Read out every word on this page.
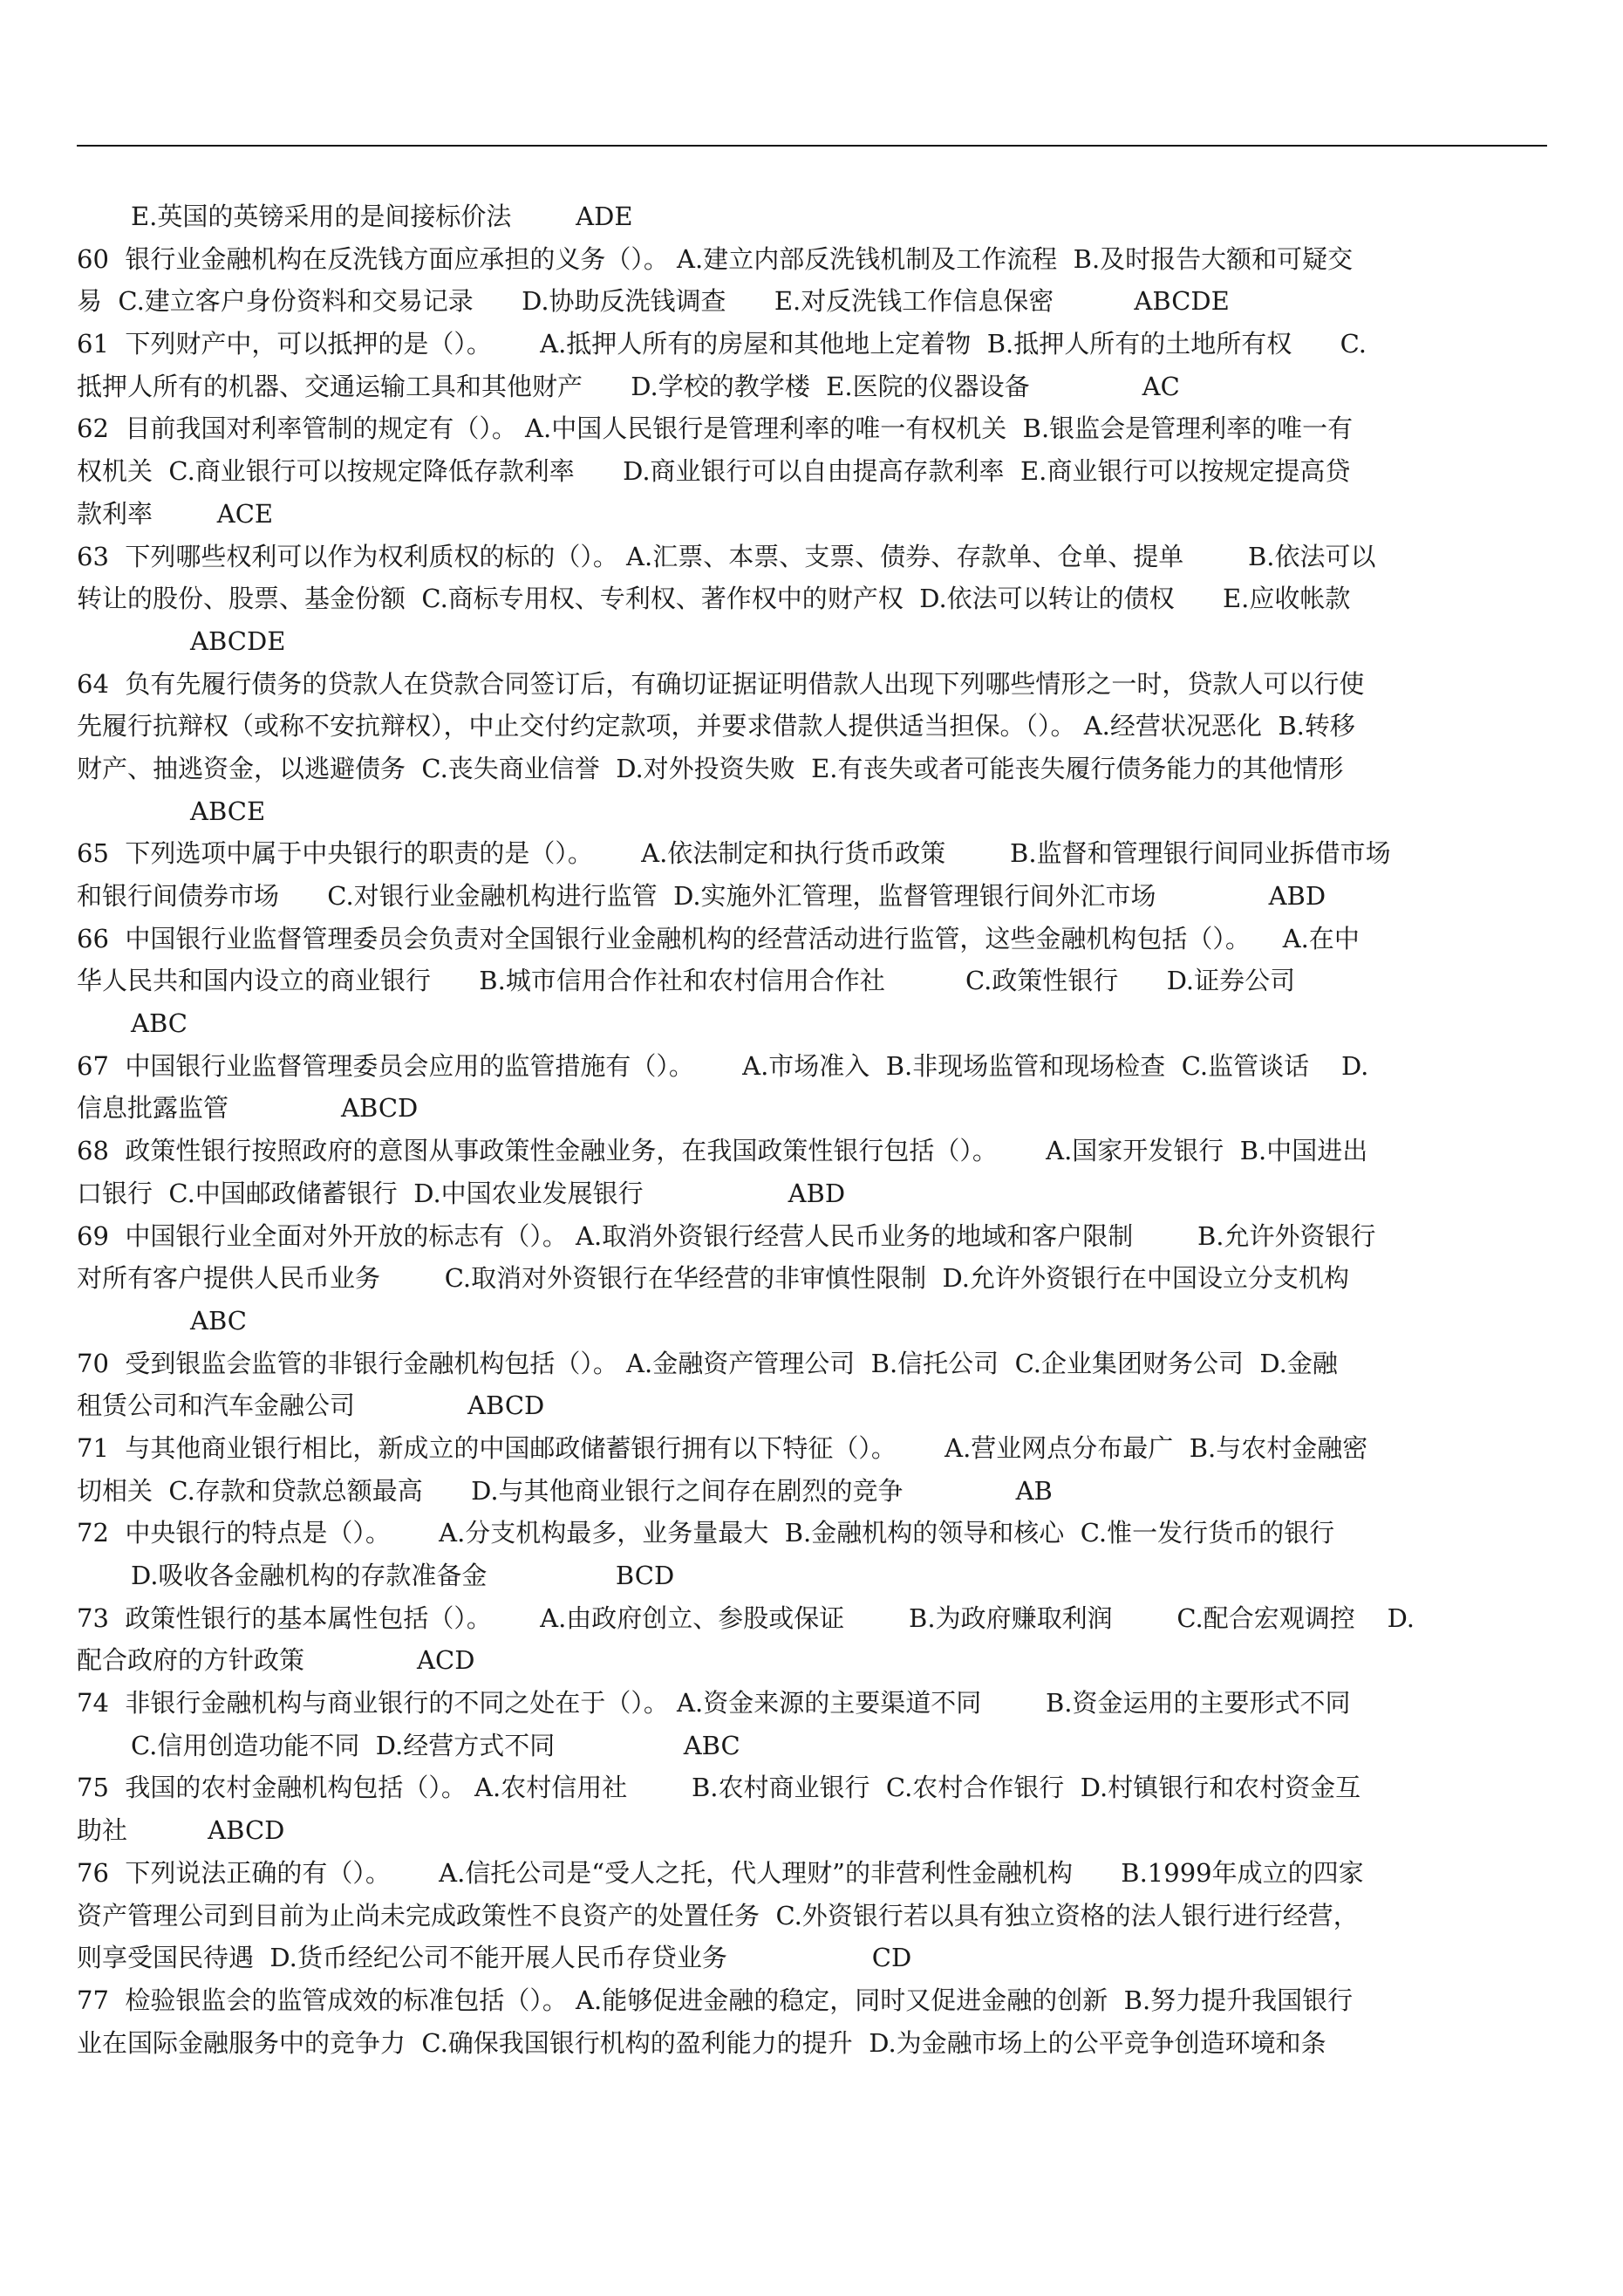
E.英国的英镑采用的是间接标价法        ADE
60  银行业金融机构在反洗钱方面应承担的义务（）。 A.建立内部反洗钱机制及工作流程  B.及时报告大额和可疑交
易  C.建立客户身份资料和交易记录      D.协助反洗钱调查      E.对反洗钱工作信息保密          ABCDE
61  下列财产中，可以抵押的是（）。      A.抵押人所有的房屋和其他地上定着物  B.抵押人所有的土地所有权      C.
抵押人所有的机器、交通运输工具和其他财产      D.学校的教学楼  E.医院的仪器设备              AC
62  目前我国对利率管制的规定有（）。 A.中国人民银行是管理利率的唯一有权机关  B.银监会是管理利率的唯一有
权机关  C.商业银行可以按规定降低存款利率      D.商业银行可以自由提高存款利率  E.商业银行可以按规定提高贷
款利率        ACE
63  下列哪些权利可以作为权利质权的标的（）。 A.汇票、本票、支票、债券、存款单、仓单、提单        B.依法可以
转让的股份、股票、基金份额  C.商标专用权、专利权、著作权中的财产权  D.依法可以转让的债权      E.应收帐款
ABCDE
64  负有先履行债务的贷款人在贷款合同签订后，有确切证据证明借款人出现下列哪些情形之一时，贷款人可以行使
先履行抗辩权（或称不安抗辩权），中止交付约定款项，并要求借款人提供适当担保。（）。 A.经营状况恶化  B.转移
财产、抽逃资金，以逃避债务  C.丧失商业信誉  D.对外投资失败  E.有丧失或者可能丧失履行债务能力的其他情形
ABCE
65  下列选项中属于中央银行的职责的是（）。      A.依法制定和执行货币政策        B.监督和管理银行间同业拆借市场
和银行间债券市场      C.对银行业金融机构进行监管  D.实施外汇管理，监督管理银行间外汇市场              ABD
66  中国银行业监督管理委员会负责对全国银行业金融机构的经营活动进行监管，这些金融机构包括（）。    A.在中
华人民共和国内设立的商业银行      B.城市信用合作社和农村信用合作社          C.政策性银行      D.证券公司
ABC
67  中国银行业监督管理委员会应用的监管措施有（）。      A.市场准入  B.非现场监管和现场检查  C.监管谈话    D.
信息批露监管              ABCD
68  政策性银行按照政府的意图从事政策性金融业务，在我国政策性银行包括（）。      A.国家开发银行  B.中国进出
口银行  C.中国邮政储蓄银行  D.中国农业发展银行                  ABD
69  中国银行业全面对外开放的标志有（）。 A.取消外资银行经营人民币业务的地域和客户限制        B.允许外资银行
对所有客户提供人民币业务        C.取消对外资银行在华经营的非审慎性限制  D.允许外资银行在中国设立分支机构
ABC
70  受到银监会监管的非银行金融机构包括（）。 A.金融资产管理公司  B.信托公司  C.企业集团财务公司  D.金融
租赁公司和汽车金融公司              ABCD
71  与其他商业银行相比，新成立的中国邮政储蓄银行拥有以下特征（）。      A.营业网点分布最广  B.与农村金融密
切相关  C.存款和贷款总额最高      D.与其他商业银行之间存在剧烈的竞争              AB
72  中央银行的特点是（）。      A.分支机构最多，业务量最大  B.金融机构的领导和核心  C.惟一发行货币的银行
D.吸收各金融机构的存款准备金                BCD
73  政策性银行的基本属性包括（）。      A.由政府创立、参股或保证        B.为政府赚取利润        C.配合宏观调控    D.
配合政府的方针政策              ACD
74  非银行金融机构与商业银行的不同之处在于（）。 A.资金来源的主要渠道不同        B.资金运用的主要形式不同
C.信用创造功能不同  D.经营方式不同                ABC
75  我国的农村金融机构包括（）。 A.农村信用社        B.农村商业银行  C.农村合作银行  D.村镇银行和农村资金互
助社          ABCD
76  下列说法正确的有（）。      A.信托公司是“受人之托，代人理财”的非营利性金融机构      B.1999年成立的四家
资产管理公司到目前为止尚未完成政策性不良资产的处置任务  C.外资银行若以具有独立资格的法人银行进行经营，
则享受国民待遇  D.货币经纪公司不能开展人民币存贷业务                  CD
77  检验银监会的监管成效的标准包括（）。 A.能够促进金融的稳定，同时又促进金融的创新  B.努力提升我国银行
业在国际金融服务中的竞争力  C.确保我国银行机构的盈利能力的提升  D.为金融市场上的公平竞争创造环境和条
